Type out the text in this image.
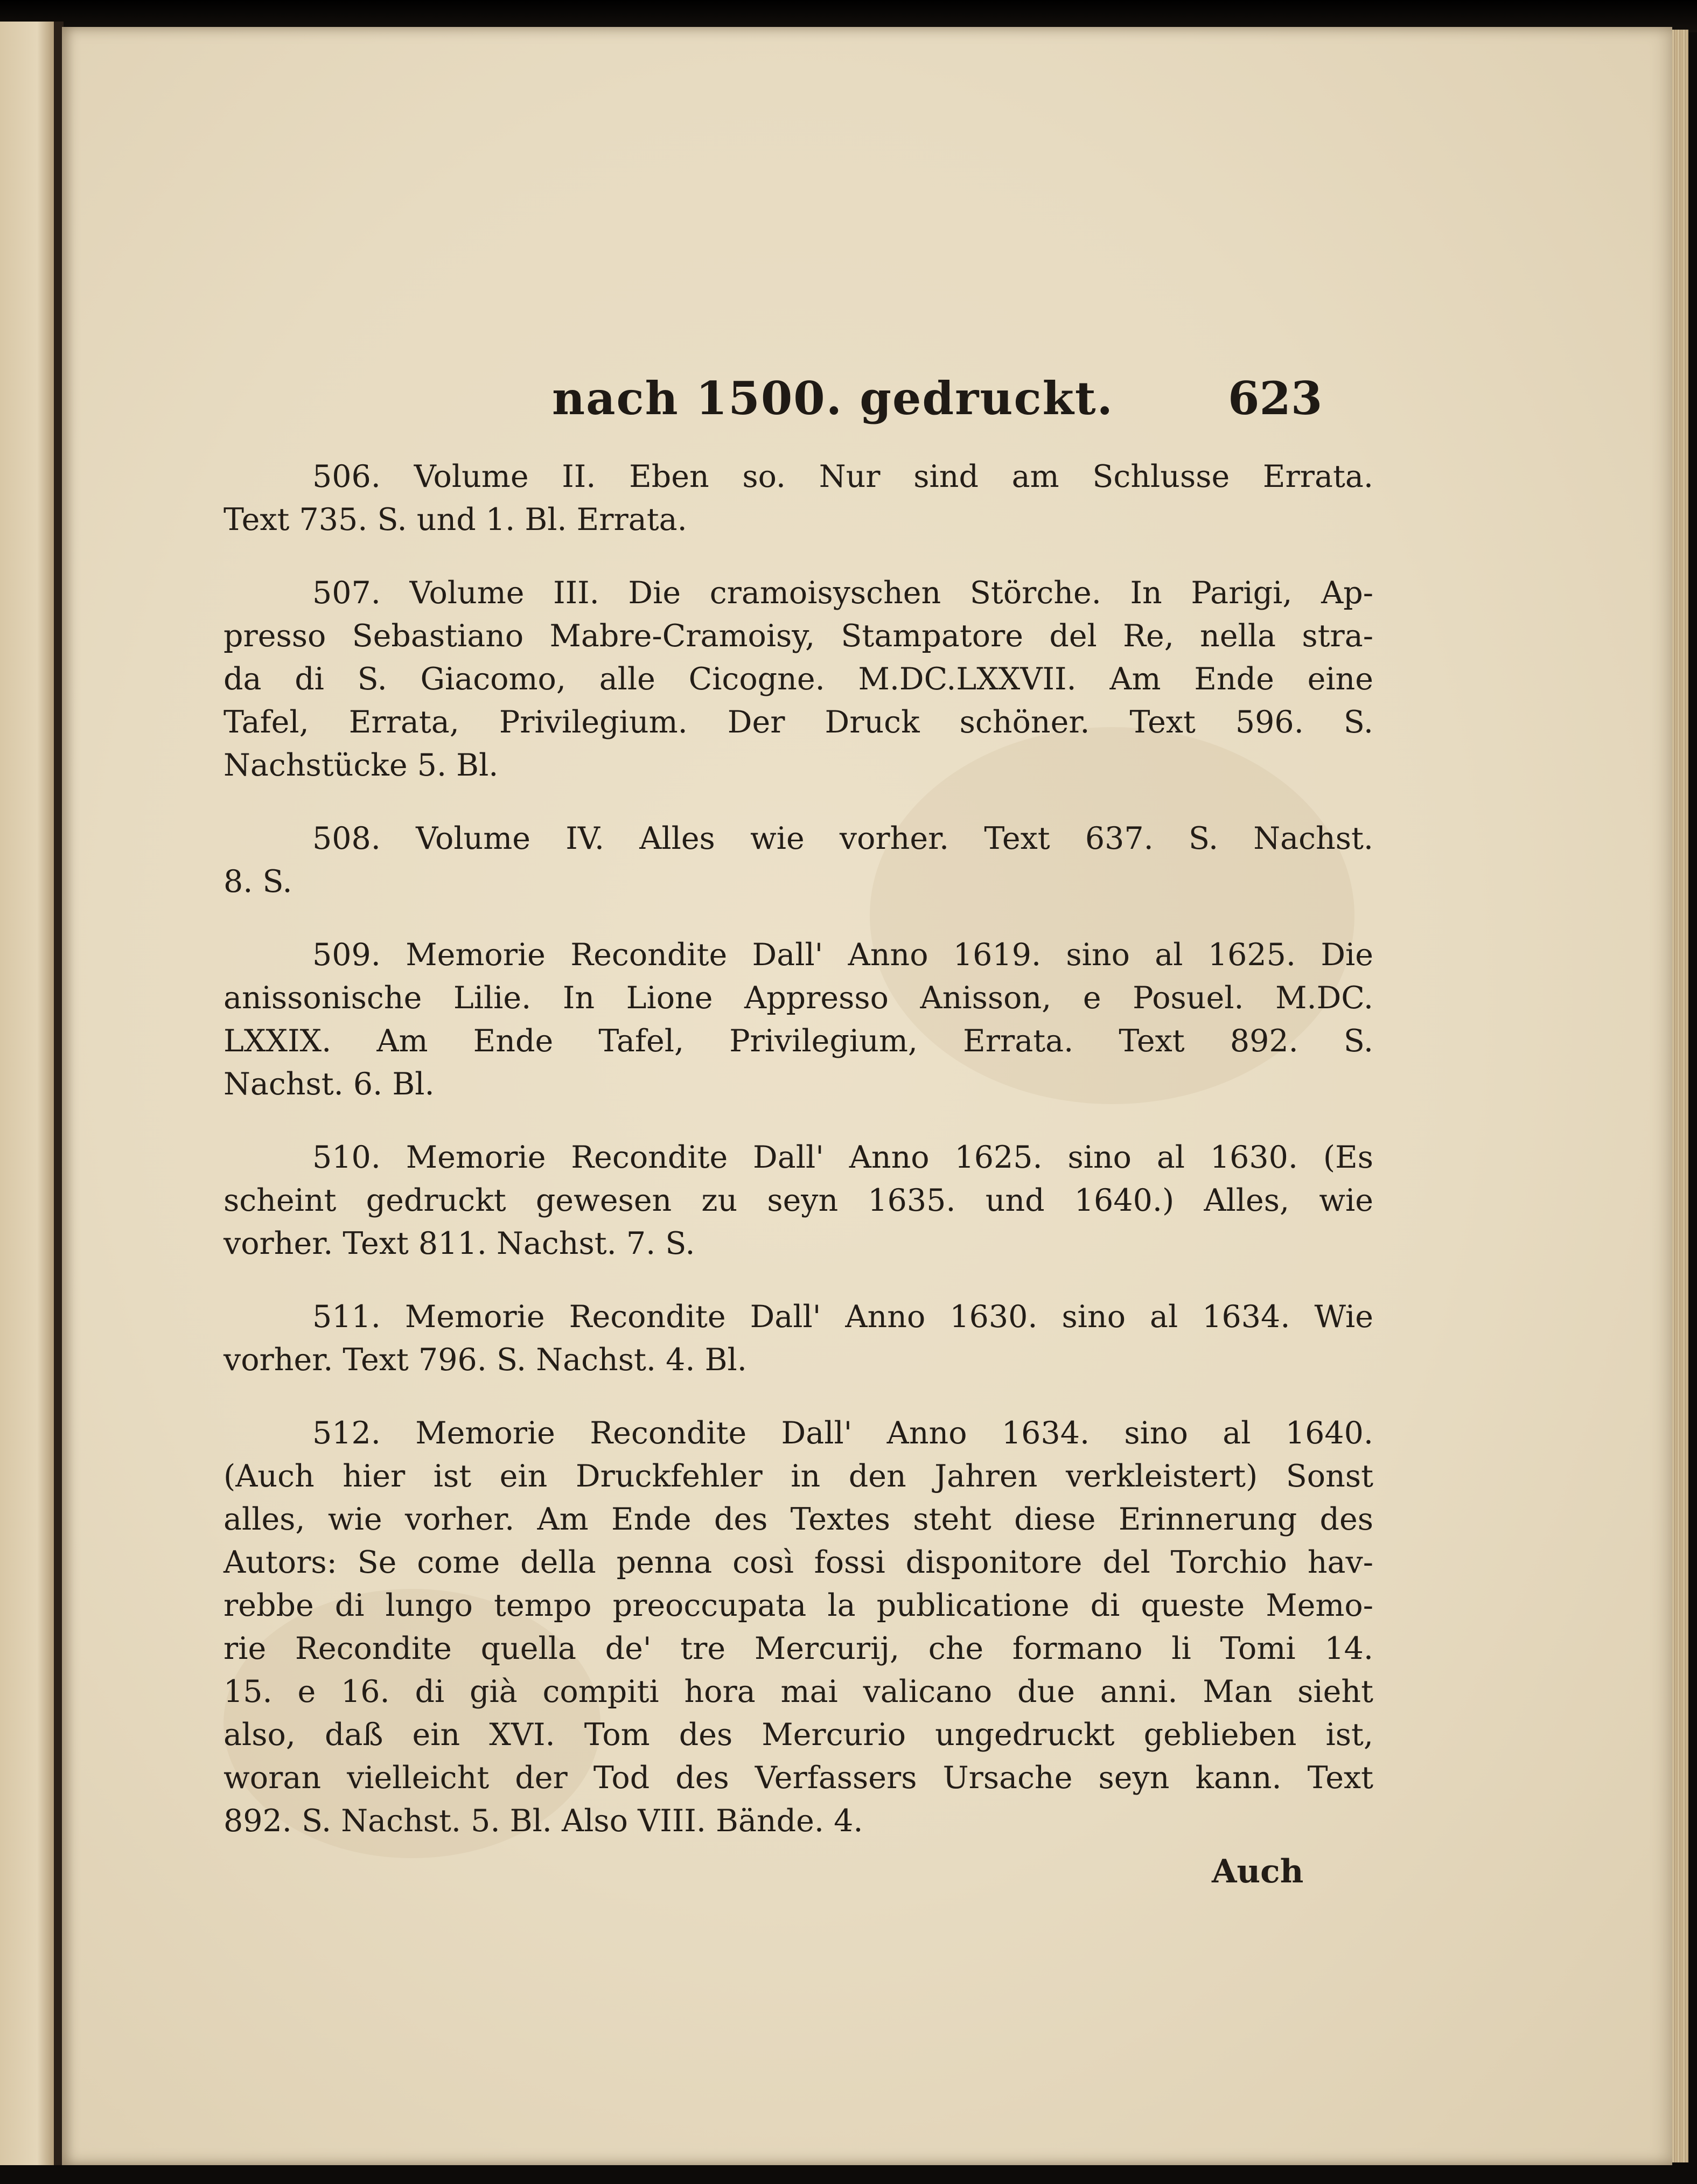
nach 1500. gedruckt.	623
506. Volume II. Eben so. Nur sind am Schlusse Errata.
Text 735. S. und 1. Bl. Errata.
507. Volume III. Die cramoisyschen Störche. In Parigi, Ap-
presso Sebastiano Mabre-Cramoisy, Stampatore del Re, nella stra-
da di S. Giacomo, alle Cicogne. M.DC.LXXVII. Am Ende eine
Tafel, Errata, Privilegium. Der Druck schöner. Text 596. S.
Nachstücke 5. Bl.
508. Volume IV. Alles wie vorher. Text 637. S. Nachst.
8. S.
509. Memorie Recondite Dall' Anno 1619. sino al 1625. Die
anissonische Lilie. In Lione Appresso Anisson, e Posuel. M.DC.
LXXIX. Am Ende Tafel, Privilegium, Errata. Text 892. S.
Nachst. 6. Bl.
510. Memorie Recondite Dall' Anno 1625. sino al 1630. (Es
scheint gedruckt gewesen zu seyn 1635. und 1640.) Alles, wie
vorher. Text 811. Nachst. 7. S.
511. Memorie Recondite Dall' Anno 1630. sino al 1634. Wie
vorher. Text 796. S. Nachst. 4. Bl.
512. Memorie Recondite Dall' Anno 1634. sino al 1640.
(Auch hier ist ein Druckfehler in den Jahren verkleistert) Sonst
alles, wie vorher. Am Ende des Textes steht diese Erinnerung des
Autors: Se come della penna così fossi disponitore del Torchio hav-
rebbe di lungo tempo preoccupata la publicatione di queste Memo-
rie Recondite quella de' tre Mercurij, che formano li Tomi 14.
15. e 16. di già compiti hora mai valicano due anni. Man sieht
also, daß ein XVI. Tom des Mercurio ungedruckt geblieben ist,
woran vielleicht der Tod des Verfassers Ursache seyn kann. Text
892. S. Nachst. 5. Bl. Also VIII. Bände. 4.
Auch
